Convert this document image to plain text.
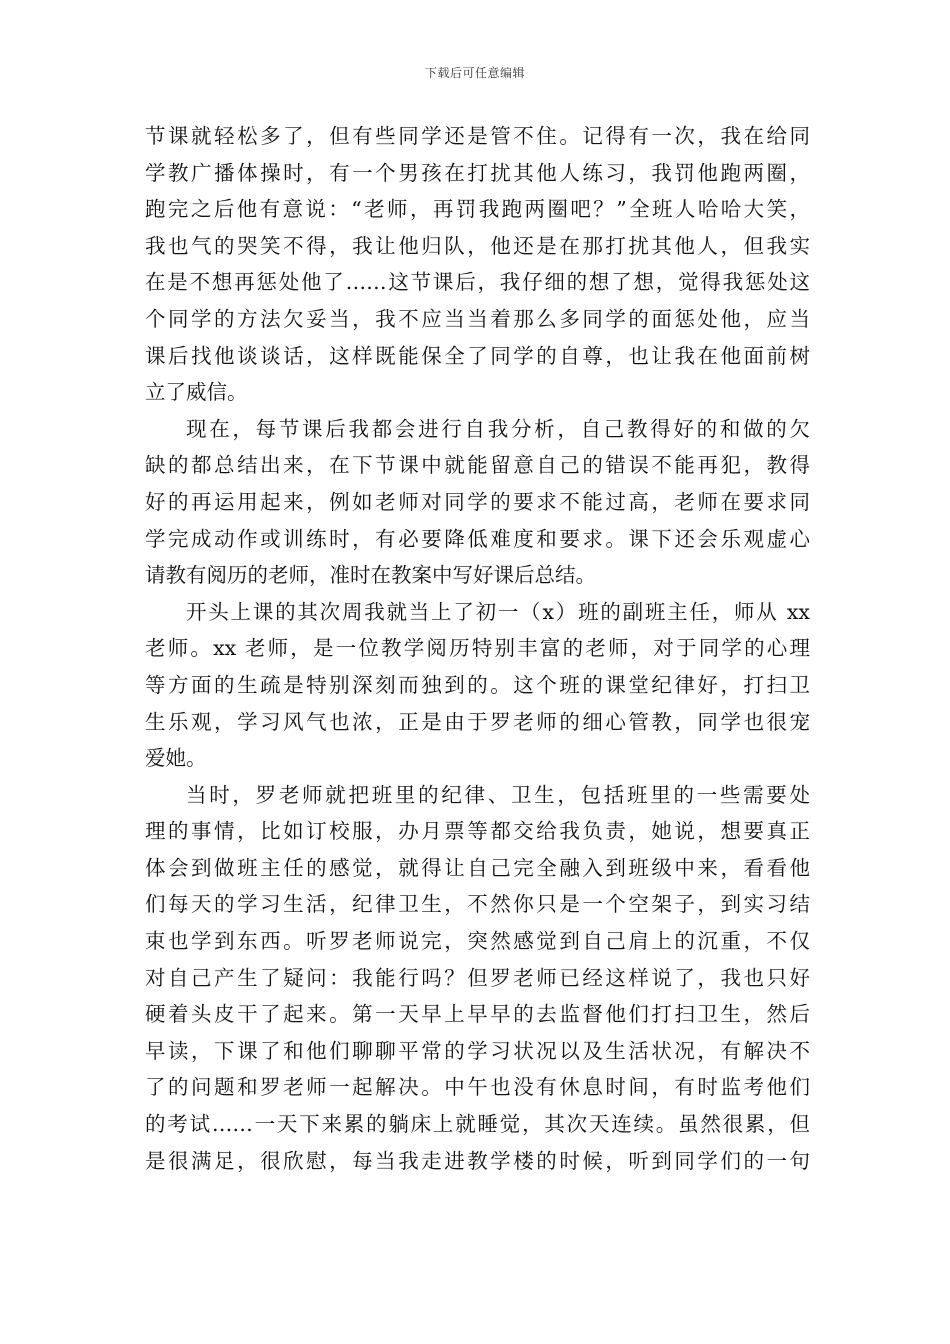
下载后可任意编辑
节课就轻松多了，但有些同学还是管不住。记得有一次，我在给同
学教广播体操时，有一个男孩在打扰其他人练习，我罚他跑两圈，
跑完之后他有意说：“老师，再罚我跑两圈吧？”全班人哈哈大笑，
我也气的哭笑不得，我让他归队，他还是在那打扰其他人，但我实
在是不想再惩处他了……这节课后，我仔细的想了想，觉得我惩处这
个同学的方法欠妥当，我不应当当着那么多同学的面惩处他，应当
课后找他谈谈话，这样既能保全了同学的自尊，也让我在他面前树
立了威信。
现在，每节课后我都会进行自我分析，自己教得好的和做的欠
缺的都总结出来，在下节课中就能留意自己的错误不能再犯，教得
好的再运用起来，例如老师对同学的要求不能过高，老师在要求同
学完成动作或训练时，有必要降低难度和要求。课下还会乐观虚心
请教有阅历的老师，准时在教案中写好课后总结。
开头上课的其次周我就当上了初一（x）班的副班主任，师从 xx
老师。xx 老师，是一位教学阅历特别丰富的老师，对于同学的心理
等方面的生疏是特别深刻而独到的。这个班的课堂纪律好，打扫卫
生乐观，学习风气也浓，正是由于罗老师的细心管教，同学也很宠
爱她。
当时，罗老师就把班里的纪律、卫生，包括班里的一些需要处
理的事情，比如订校服，办月票等都交给我负责，她说，想要真正
体会到做班主任的感觉，就得让自己完全融入到班级中来，看看他
们每天的学习生活，纪律卫生，不然你只是一个空架子，到实习结
束也学到东西。听罗老师说完，突然感觉到自己肩上的沉重，不仅
对自己产生了疑问：我能行吗？但罗老师已经这样说了，我也只好
硬着头皮干了起来。第一天早上早早的去监督他们打扫卫生，然后
早读，下课了和他们聊聊平常的学习状况以及生活状况，有解决不
了的问题和罗老师一起解决。中午也没有休息时间，有时监考他们
的考试……一天下来累的躺床上就睡觉，其次天连续。虽然很累，但
是很满足，很欣慰，每当我走进教学楼的时候，听到同学们的一句
